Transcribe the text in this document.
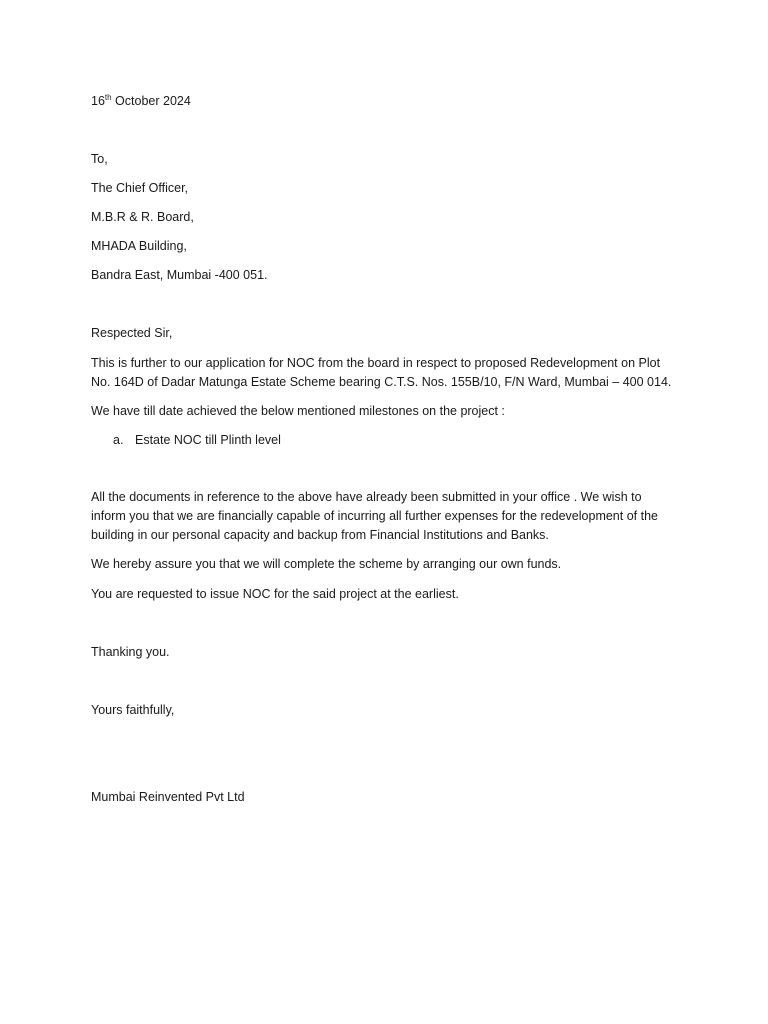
16th October 2024
To,
The Chief Officer,
M.B.R & R. Board,
MHADA Building,
Bandra East, Mumbai -400 051.
Respected Sir,
This is further to our application for NOC from the board in respect to proposed Redevelopment on Plot
No. 164D of Dadar Matunga Estate Scheme bearing C.T.S. Nos. 155B/10, F/N Ward, Mumbai – 400 014.
We have till date achieved the below mentioned milestones on the project :
a. Estate NOC till Plinth level
All the documents in reference to the above have already been submitted in your office . We wish to
inform you that we are financially capable of incurring all further expenses for the redevelopment of the
building in our personal capacity and backup from Financial Institutions and Banks.
We hereby assure you that we will complete the scheme by arranging our own funds.
You are requested to issue NOC for the said project at the earliest.
Thanking you.
Yours faithfully,
Mumbai Reinvented Pvt Ltd
